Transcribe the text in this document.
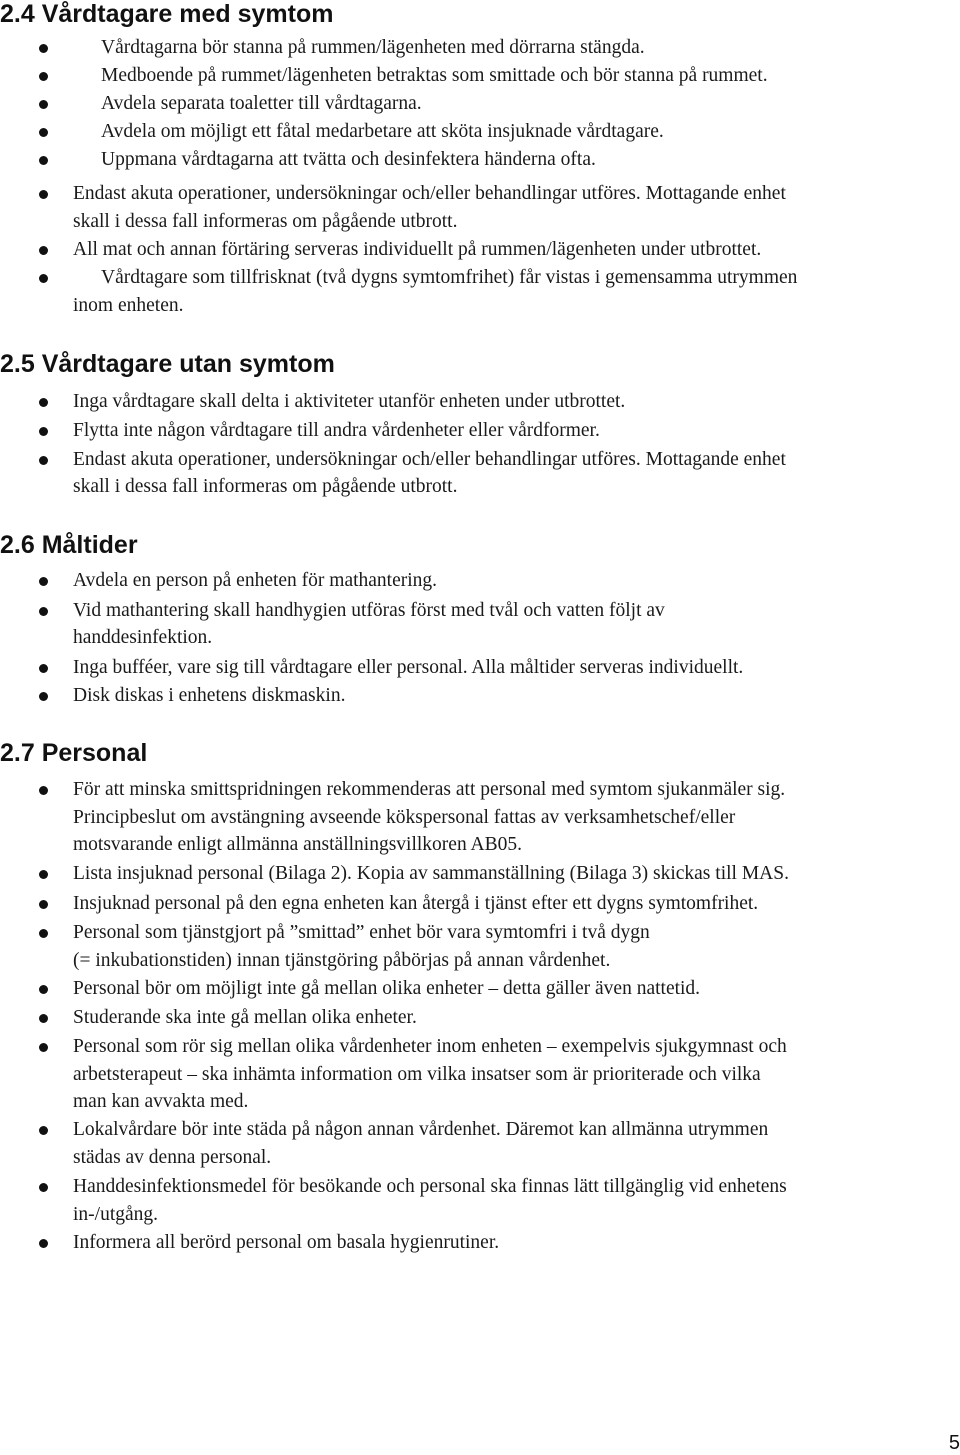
2.4 Vårdtagare med symtom
Vårdtagarna bör stanna på rummen/lägenheten med dörrarna stängda.
Medboende på rummet/lägenheten betraktas som smittade och bör stanna på rummet.
Avdela separata toaletter till vårdtagarna.
Avdela om möjligt ett fåtal medarbetare att sköta insjuknade vårdtagare.
Uppmana vårdtagarna att tvätta och desinfektera händerna ofta.
Endast akuta operationer, undersökningar och/eller behandlingar utföres. Mottagande enhet
skall i dessa fall informeras om pågående utbrott.
All mat och annan förtäring serveras individuellt på rummen/lägenheten under utbrottet.
Vårdtagare som tillfrisknat (två dygns symtomfrihet) får vistas i gemensamma utrymmen
inom enheten.
2.5 Vårdtagare utan symtom
Inga vårdtagare skall delta i aktiviteter utanför enheten under utbrottet.
Flytta inte någon vårdtagare till andra vårdenheter eller vårdformer.
Endast akuta operationer, undersökningar och/eller behandlingar utföres. Mottagande enhet
skall i dessa fall informeras om pågående utbrott.
2.6 Måltider
Avdela en person på enheten för mathantering.
Vid mathantering skall handhygien utföras först med tvål och vatten följt av
handdesinfektion.
Inga bufféer, vare sig till vårdtagare eller personal. Alla måltider serveras individuellt.
Disk diskas i enhetens diskmaskin.
2.7 Personal
För att minska smittspridningen rekommenderas att personal med symtom sjukanmäler sig.
Principbeslut om avstängning avseende kökspersonal fattas av verksamhetschef/eller
motsvarande enligt allmänna anställningsvillkoren AB05.
Lista insjuknad personal (Bilaga 2). Kopia av sammanställning (Bilaga 3) skickas till MAS.
Insjuknad personal på den egna enheten kan återgå i tjänst efter ett dygns symtomfrihet.
Personal som tjänstgjort på ”smittad” enhet bör vara symtomfri i två dygn
(= inkubationstiden) innan tjänstgöring påbörjas på annan vårdenhet.
Personal bör om möjligt inte gå mellan olika enheter – detta gäller även nattetid.
Studerande ska inte gå mellan olika enheter.
Personal som rör sig mellan olika vårdenheter inom enheten – exempelvis sjukgymnast och
arbetsterapeut – ska inhämta information om vilka insatser som är prioriterade och vilka
man kan avvakta med.
Lokalvårdare bör inte städa på någon annan vårdenhet. Däremot kan allmänna utrymmen
städas av denna personal.
Handdesinfektionsmedel för besökande och personal ska finnas lätt tillgänglig vid enhetens
in-/utgång.
Informera all berörd personal om basala hygienrutiner.
5
